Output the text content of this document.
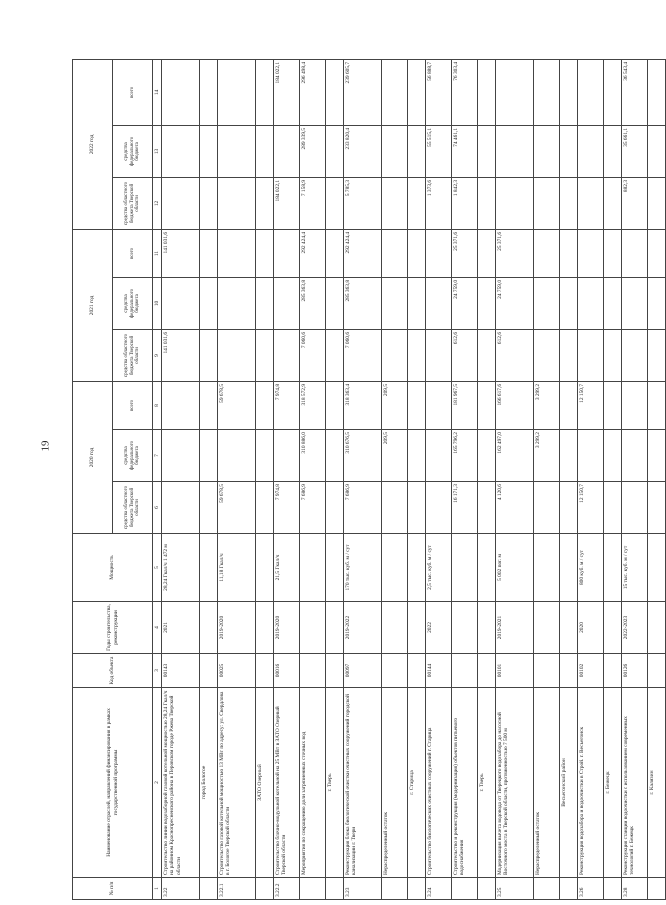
19
№ п/п	Наименование отраслей, направлений финансирования в рамках государственной программы	Код объекта	Годы строительства, реконструкции	Мощность	2020 год			2021 год			2022 год		
					средства областного бюджета Тверской области	средства федерального бюджета	всего	средства областного бюджета Тверской области	средства федерального бюджета	всего	средства областного бюджета Тверской области	средства федерального бюджета	всего
1	2	3	4	5	6	7	8	9	10	11	12	13	14
3.22	Строительство линии водозаборной газовой котельной мощностью 28,24 Гкал/ч на районном Краснопресненского района в Перовском городе Ржева Тверской области	00143	2021	28,24 Гкал/ч 1 472 м				141 031,6		141 031,6			
	город Бологое												
3.22.1	Строительство газовой котельной мощностью 13 МВт по адресу: ул. Свердлова в г. Бологое Тверской области	00025	2019-2020	11,18 Гкал/ч	59 678,5		59 678,5						
	ЗАТО Озерный												
3.22.2	Строительство блочно-модульной котельной на 25 МВт в ЗАТО Озерный Тверской области	00016	2019-2020	21,5 Гкал/ч	7 974,8		7 974,8				184 022,1		184 022,1
	Мероприятия по сокращению доли загрязненных сточных вод				7 686,9	310 886,0	318 572,9	7 060,6	285 363,8	292 424,4	7 158,9	289 339,5	296 498,4
	г. Тверь												
3.23	Реконструкция блока биологической очистки очистных сооружений городской канализации г. Твери	00097	2019-2022	170 тыс. куб. м / сут	7 686,9	310 676,5	318 363,4	7 060,6	285 363,8	292 424,4	5 785,3	233 820,4	239 605,7
	Нераспределенный остаток					209,5	209,5						
	г. Старица												
3.24	Строительство биологических очистных сооружений г. Старица	00144	2022	2,5 тыс. куб. м / сут							1 373,6	55 515,1	56 888,7
	Строительство и реконструкция (модернизация) объектов питьевого водоснабжения				16 171,3	165 796,2	181 967,5	612,6	24 759,0	25 371,6	1 842,3	74 461,1	76 303,4
	г. Тверь												
3.25	Модернизация вычета водовода от Тверецкого водозабора до насосной Восточного моста в Тверской области, протяженностью 7 500 м	00101	2019-2021	5 002 пог. м	4 120,6	162 497,0	166 617,6	612,6	24 759,0	25 371,6			
	Нераспределенный остаток					3 299,2	3 299,2						
	Весьегонский район												
3.26	Реконструкция водозабора и водоочистки в Строй. г. Весьегонск	00102	2020	800 куб. м / сут	12 150,7		12 150,7						
	г. Бежецк												
3.28	Реконструкция станции водоочистки с использованием современных технологий г. Бежецк	00126	2022-2023	15 тыс. куб. м / сут							882,3	35 661,1	36 543,4
	г. Калязин												
